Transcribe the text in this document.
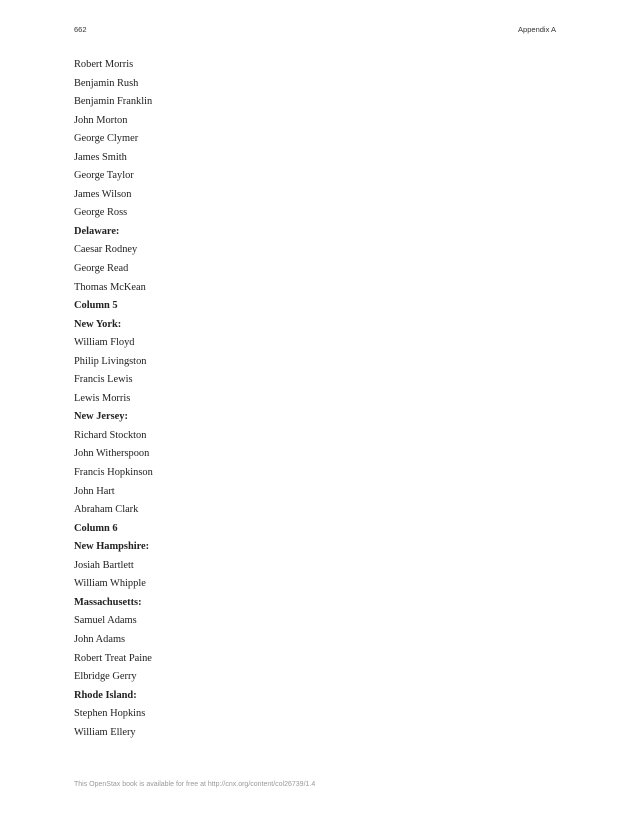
662	Appendix A
Robert Morris
Benjamin Rush
Benjamin Franklin
John Morton
George Clymer
James Smith
George Taylor
James Wilson
George Ross
Delaware:
Caesar Rodney
George Read
Thomas McKean
Column 5
New York:
William Floyd
Philip Livingston
Francis Lewis
Lewis Morris
New Jersey:
Richard Stockton
John Witherspoon
Francis Hopkinson
John Hart
Abraham Clark
Column 6
New Hampshire:
Josiah Bartlett
William Whipple
Massachusetts:
Samuel Adams
John Adams
Robert Treat Paine
Elbridge Gerry
Rhode Island:
Stephen Hopkins
William Ellery
This OpenStax book is available for free at http://cnx.org/content/col26739/1.4
